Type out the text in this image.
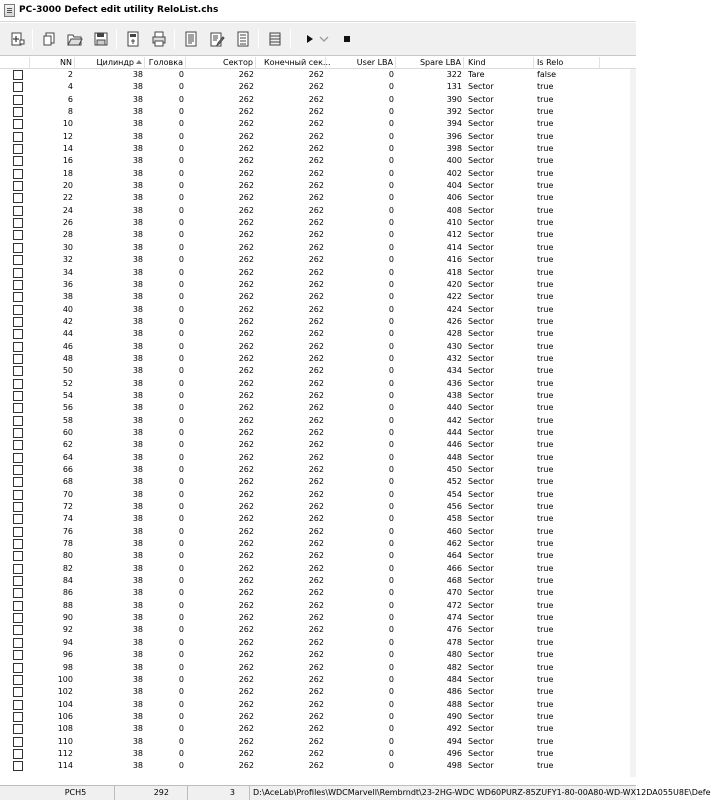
PC-3000 Defect edit utility ReloList.chs
NN	Цилиндр	Головка	Сектор	Конечный сек...	User LBA	Spare LBA Kind	Is Relo
2	38	0	262	262	0	322 Tare	false
4	38	0	262	262	0	131 Sector	true
6	38	0	262	262	0	390 Sector	true
8	38	0	262	262	0	392 Sector	true
10	38	0	262	262	0	394 Sector	true
12	38	0	262	262	0	396 Sector	true
14	38	0	262	262	0	398 Sector	true
16	38	0	262	262	0	400 Sector	true
18	38	0	262	262	0	402 Sector	true
20	38	0	262	262	0	404 Sector	true
22	38	0	262	262	0	406 Sector	true
24	38	0	262	262	0	408 Sector	true
26	38	0	262	262	0	410 Sector	true
28	38	0	262	262	0	412 Sector	true
30	38	0	262	262	0	414 Sector	true
32	38	0	262	262	0	416 Sector	true
34	38	0	262	262	0	418 Sector	true
36	38	0	262	262	0	420 Sector	true
38	38	0	262	262	0	422 Sector	true
40	38	0	262	262	0	424 Sector	true
42	38	0	262	262	0	426 Sector	true
44	38	0	262	262	0	428 Sector	true
46	38	0	262	262	0	430 Sector	true
48	38	0	262	262	0	432 Sector	true
50	38	0	262	262	0	434 Sector	true
52	38	0	262	262	0	436 Sector	true
54	38	0	262	262	0	438 Sector	true
56	38	0	262	262	0	440 Sector	true
58	38	0	262	262	0	442 Sector	true
60	38	0	262	262	0	444 Sector	true
62	38	0	262	262	0	446 Sector	true
64	38	0	262	262	0	448 Sector	true
66	38	0	262	262	0	450 Sector	true
68	38	0	262	262	0	452 Sector	true
70	38	0	262	262	0	454 Sector	true
72	38	0	262	262	0	456 Sector	true
74	38	0	262	262	0	458 Sector	true
76	38	0	262	262	0	460 Sector	true
78	38	0	262	262	0	462 Sector	true
80	38	0	262	262	0	464 Sector	true
82	38	0	262	262	0	466 Sector	true
84	38	0	262	262	0	468 Sector	true
86	38	0	262	262	0	470 Sector	true
88	38	0	262	262	0	472 Sector	true
90	38	0	262	262	0	474 Sector	true
92	38	0	262	262	0	476 Sector	true
94	38	0	262	262	0	478 Sector	true
96	38	0	262	262	0	480 Sector	true
98	38	0	262	262	0	482 Sector	true
100	38	0	262	262	0	484 Sector	true
102	38	0	262	262	0	486 Sector	true
104	38	0	262	262	0	488 Sector	true
106	38	0	262	262	0	490 Sector	true
108	38	0	262	262	0	492 Sector	true
110	38	0	262	262	0	494 Sector	true
112	38	0	262	262	0	496 Sector	true
114	38	0	262	262	0	498 Sector	true
PCH5	292	3	D:\AceLab\Profiles\WDCMarvell\Rembrndt\23-2HG-WDC WD60PURZ-85ZUFY1-80-00A80-WD-WX12DA055U8E\Defe
